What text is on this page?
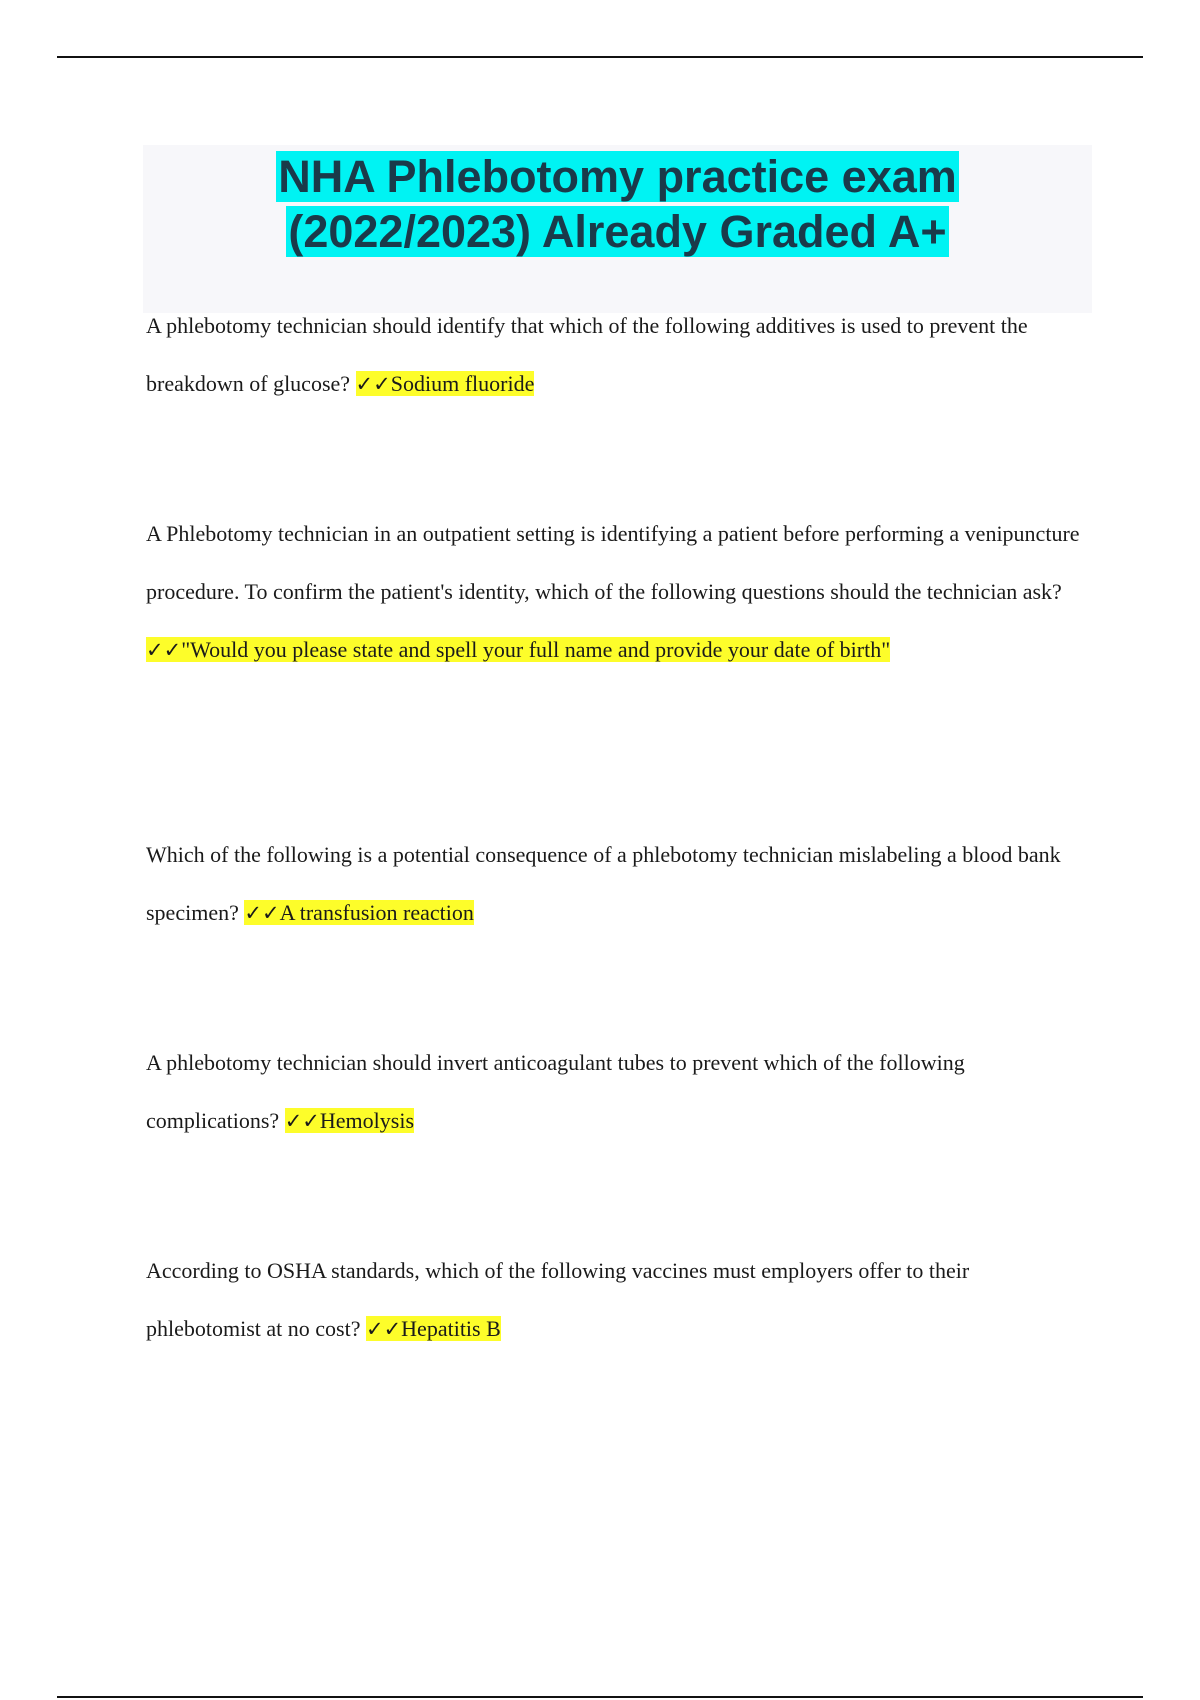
NHA Phlebotomy practice exam
(2022/2023) Already Graded A+
A phlebotomy technician should identify that which of the following additives is used to prevent the breakdown of glucose? ✓✓Sodium fluoride
A Phlebotomy technician in an outpatient setting is identifying a patient before performing a venipuncture procedure. To confirm the patient's identity, which of the following questions should the technician ask? ✓✓"Would you please state and spell your full name and provide your date of birth"
Which of the following is a potential consequence of a phlebotomy technician mislabeling a blood bank specimen? ✓✓A transfusion reaction
A phlebotomy technician should invert anticoagulant tubes to prevent which of the following complications? ✓✓Hemolysis
According to OSHA standards, which of the following vaccines must employers offer to their phlebotomist at no cost? ✓✓Hepatitis B
